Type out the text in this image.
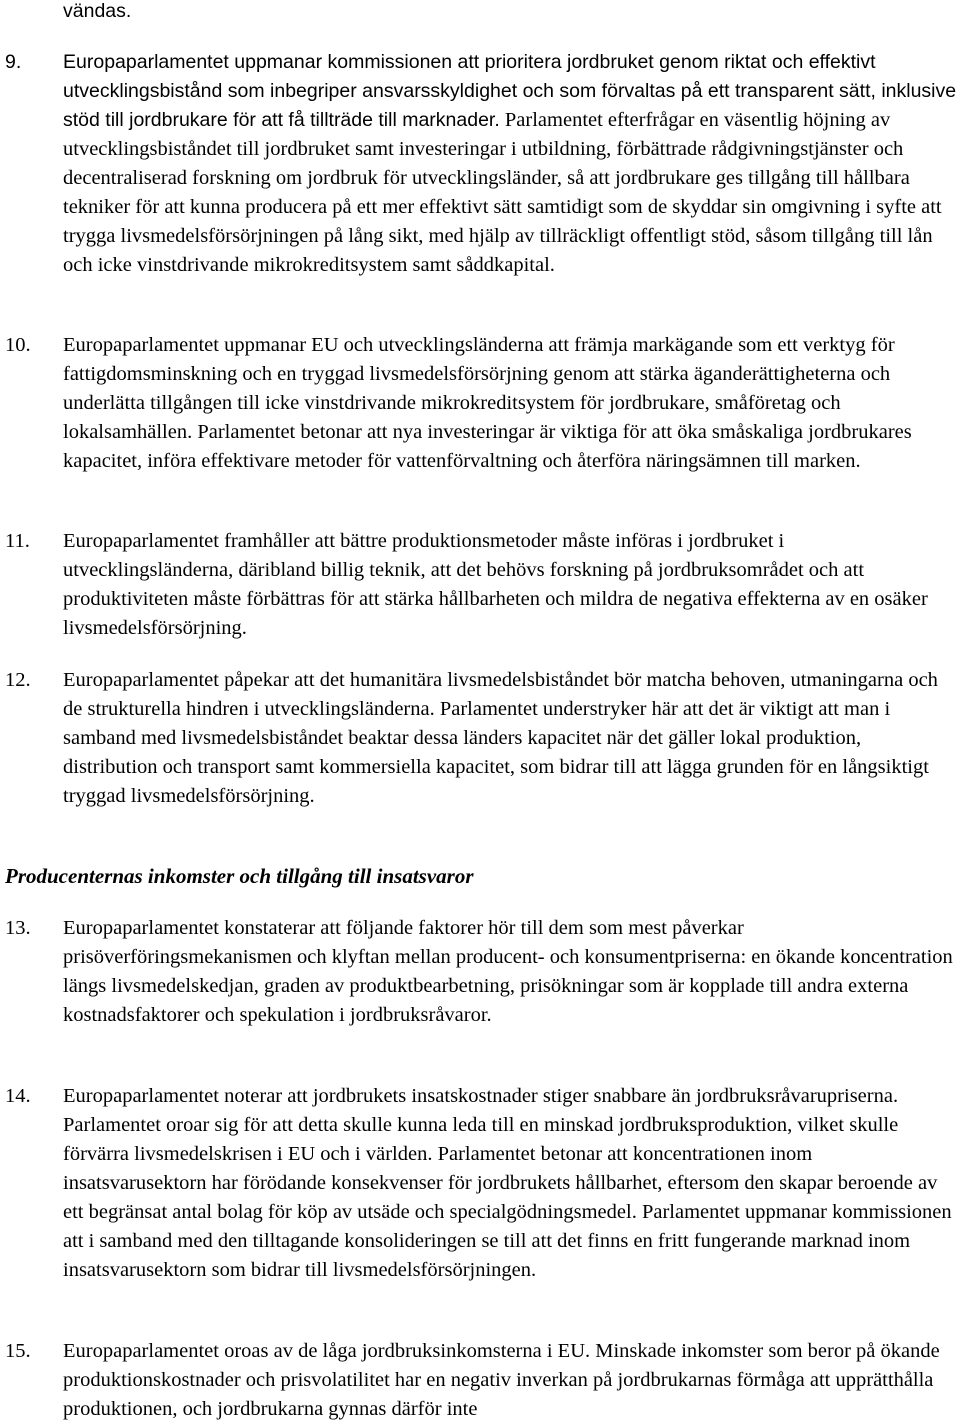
vändas.

9. Europaparlamentet uppmanar kommissionen att prioritera jordbruket genom riktat och effektivt utvecklingsbistånd som inbegriper ansvarsskyldighet och som förvaltas på ett transparent sätt, inklusive stöd till jordbrukare för att få tillträde till marknader. Parlamentet efterfrågar en väsentlig höjning av utvecklingsbiståndet till jordbruket samt investeringar i utbildning, förbättrade rådgivningstjänster och decentraliserad forskning om jordbruk för utvecklingsländer, så att jordbrukare ges tillgång till hållbara tekniker för att kunna producera på ett mer effektivt sätt samtidigt som de skyddar sin omgivning i syfte att trygga livsmedelsförsörjningen på lång sikt, med hjälp av tillräckligt offentligt stöd, såsom tillgång till lån och icke vinstdrivande mikrokreditsystem samt såddkapital.

10. Europaparlamentet uppmanar EU och utvecklingsländerna att främja markägande som ett verktyg för fattigdomsminskning och en tryggad livsmedelsförsörjning genom att stärka äganderättigheterna och underlätta tillgången till icke vinstdrivande mikrokreditsystem för jordbrukare, småföretag och lokalsamhällen. Parlamentet betonar att nya investeringar är viktiga för att öka småskaliga jordbrukares kapacitet, införa effektivare metoder för vattenförvaltning och återföra näringsämnen till marken.

11. Europaparlamentet framhåller att bättre produktionsmetoder måste införas i jordbruket i utvecklingsländerna, däribland billig teknik, att det behövs forskning på jordbruksområdet och att produktiviteten måste förbättras för att stärka hållbarheten och mildra de negativa effekterna av en osäker livsmedelsförsörjning.

12. Europaparlamentet påpekar att det humanitära livsmedelsbiståndet bör matcha behoven, utmaningarna och de strukturella hindren i utvecklingsländerna. Parlamentet understryker här att det är viktigt att man i samband med livsmedelsbiståndet beaktar dessa länders kapacitet när det gäller lokal produktion, distribution och transport samt kommersiella kapacitet, som bidrar till att lägga grunden för en långsiktigt tryggad livsmedelsförsörjning.

Producenternas inkomster och tillgång till insatsvaror

13. Europaparlamentet konstaterar att följande faktorer hör till dem som mest påverkar prisöverföringsmekanismen och klyftan mellan producent- och konsumentpriserna: en ökande koncentration längs livsmedelskedjan, graden av produktbearbetning, prisökningar som är kopplade till andra externa kostnadsfaktorer och spekulation i jordbruksråvaror.

14. Europaparlamentet noterar att jordbrukets insatskostnader stiger snabbare än jordbruksråvarupriserna. Parlamentet oroar sig för att detta skulle kunna leda till en minskad jordbruksproduktion, vilket skulle förvärra livsmedelskrisen i EU och i världen. Parlamentet betonar att koncentrationen inom insatsvarusektorn har förödande konsekvenser för jordbrukets hållbarhet, eftersom den skapar beroende av ett begränsat antal bolag för köp av utsäde och specialgödningsmedel. Parlamentet uppmanar kommissionen att i samband med den tilltagande konsolideringen se till att det finns en fritt fungerande marknad inom insatsvarusektorn som bidrar till livsmedelsförsörjningen.

15. Europaparlamentet oroas av de låga jordbruksinkomsterna i EU. Minskade inkomster som beror på ökande produktionskostnader och prisvolatilitet har en negativ inverkan på jordbrukarnas förmåga att upprätthålla produktionen, och jordbrukarna gynnas därför inte
